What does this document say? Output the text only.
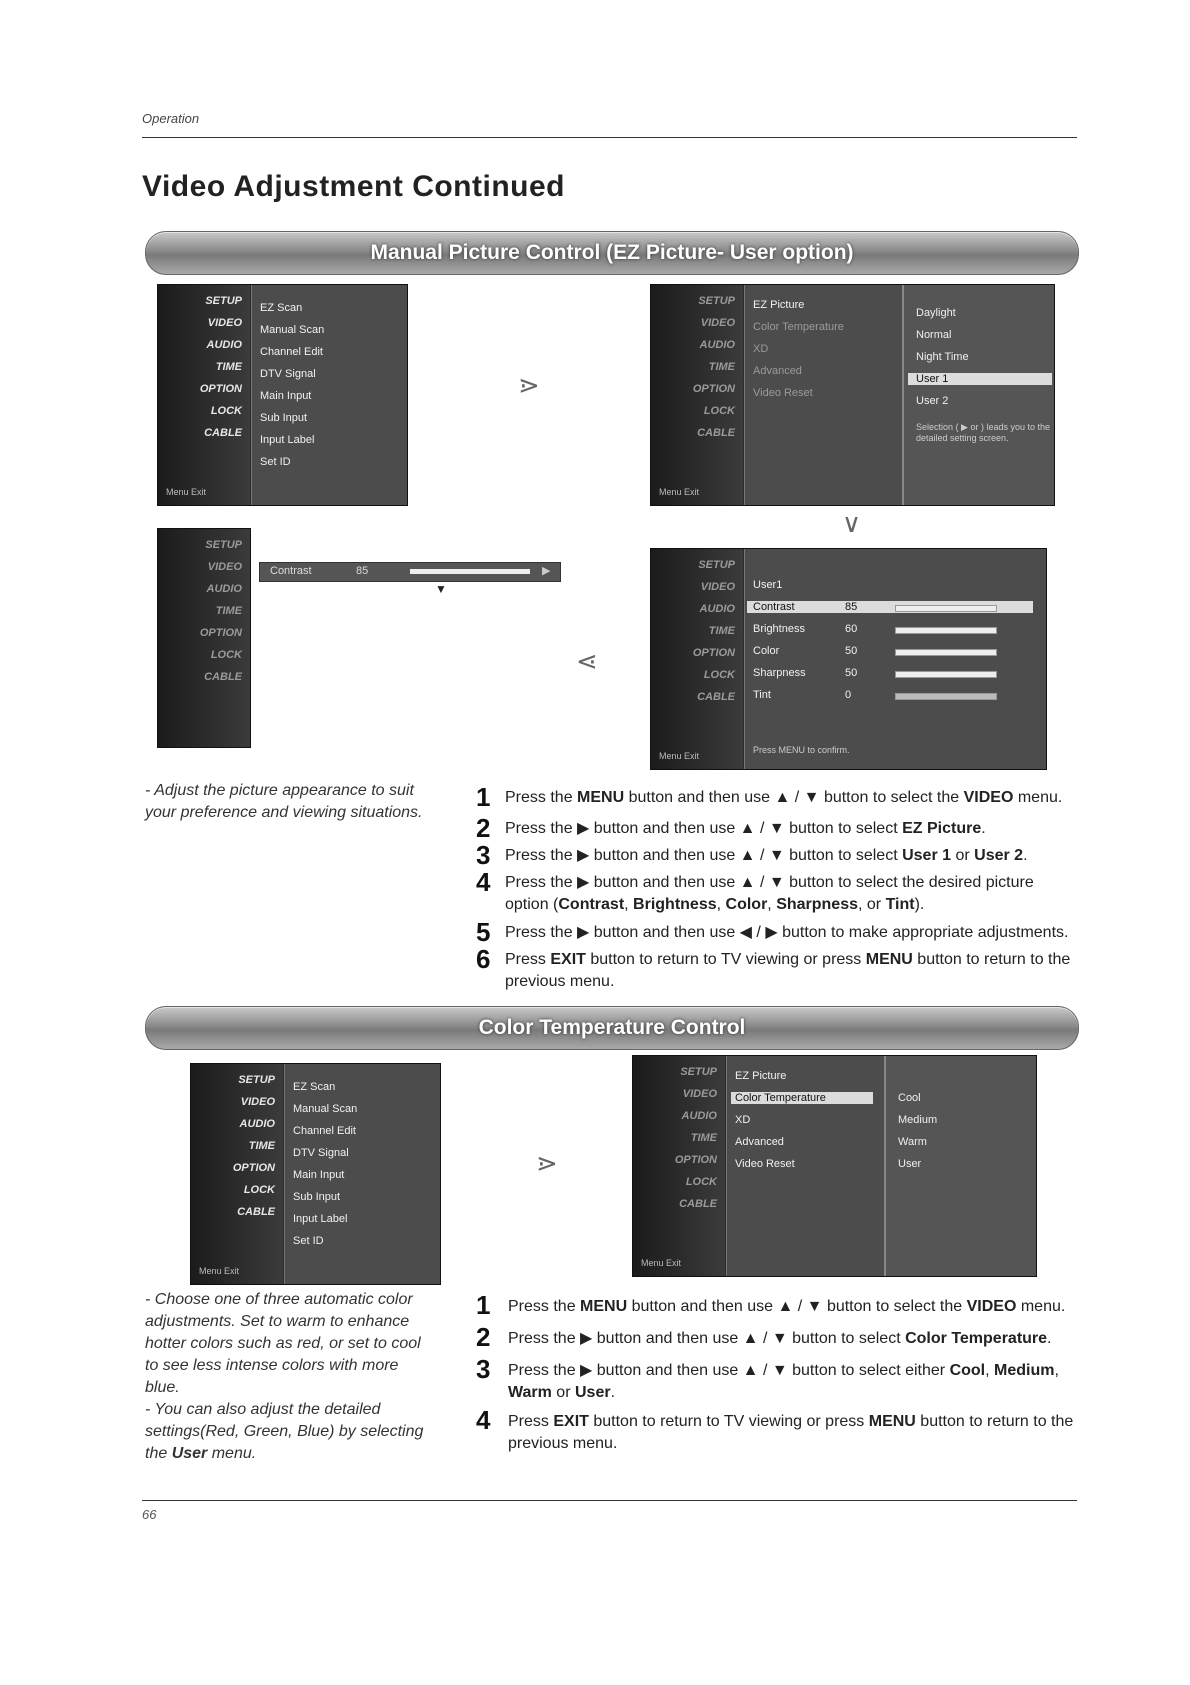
Operation
Video Adjustment Continued
Manual Picture Control (EZ Picture- User option)
SETUP
VIDEO
AUDIO
TIME
OPTION
LOCK
CABLE
EZ Scan
Manual Scan
Channel Edit
DTV Signal
Main Input
Sub Input
Input Label
Set ID
Menu Exit
⋗
SETUP
VIDEO
AUDIO
TIME
OPTION
LOCK
CABLE
EZ Picture
Color Temperature
XD
Advanced
Video Reset
Daylight
Normal
Night Time
User 1
User 2
Selection ( ▶ or ) leads you to the detailed setting screen.
Menu Exit
∨
SETUP
VIDEO
AUDIO
TIME
OPTION
LOCK
CABLE
Contrast	85	▶
▼
⋖
SETUP
VIDEO
AUDIO
TIME
OPTION
LOCK
CABLE
User1
Contrast	85
Brightness	60
Color	50
Sharpness	50
Tint	0
Press MENU to confirm.
Menu Exit
- Adjust the picture appearance to suit your preference and viewing situations.
1 Press the MENU button and then use ▲ / ▼ button to select the VIDEO menu.
2 Press the ▶ button and then use ▲ / ▼ button to select EZ Picture.
3 Press the ▶ button and then use ▲ / ▼ button to select User 1 or User 2.
4 Press the ▶ button and then use ▲ / ▼ button to select the desired picture option (Contrast, Brightness, Color, Sharpness, or Tint).
5 Press the ▶ button and then use ◀ / ▶ button to make appropriate adjustments.
6 Press EXIT button to return to TV viewing or press MENU button to return to the previous menu.
Color Temperature Control
SETUP
VIDEO
AUDIO
TIME
OPTION
LOCK
CABLE
EZ Scan
Manual Scan
Channel Edit
DTV Signal
Main Input
Sub Input
Input Label
Set ID
Menu Exit
⋗
SETUP
VIDEO
AUDIO
TIME
OPTION
LOCK
CABLE
EZ Picture
Color Temperature
XD
Advanced
Video Reset
Cool
Medium
Warm
User
Menu Exit
- Choose one of three automatic color adjustments. Set to warm to enhance hotter colors such as red, or set to cool to see less intense colors with more blue.
- You can also adjust the detailed settings(Red, Green, Blue) by selecting the User menu.
1 Press the MENU button and then use ▲ / ▼ button to select the VIDEO menu.
2 Press the ▶ button and then use ▲ / ▼ button to select Color Temperature.
3 Press the ▶ button and then use ▲ / ▼ button to select either Cool, Medium, Warm or User.
4 Press EXIT button to return to TV viewing or press MENU button to return to the previous menu.
66
